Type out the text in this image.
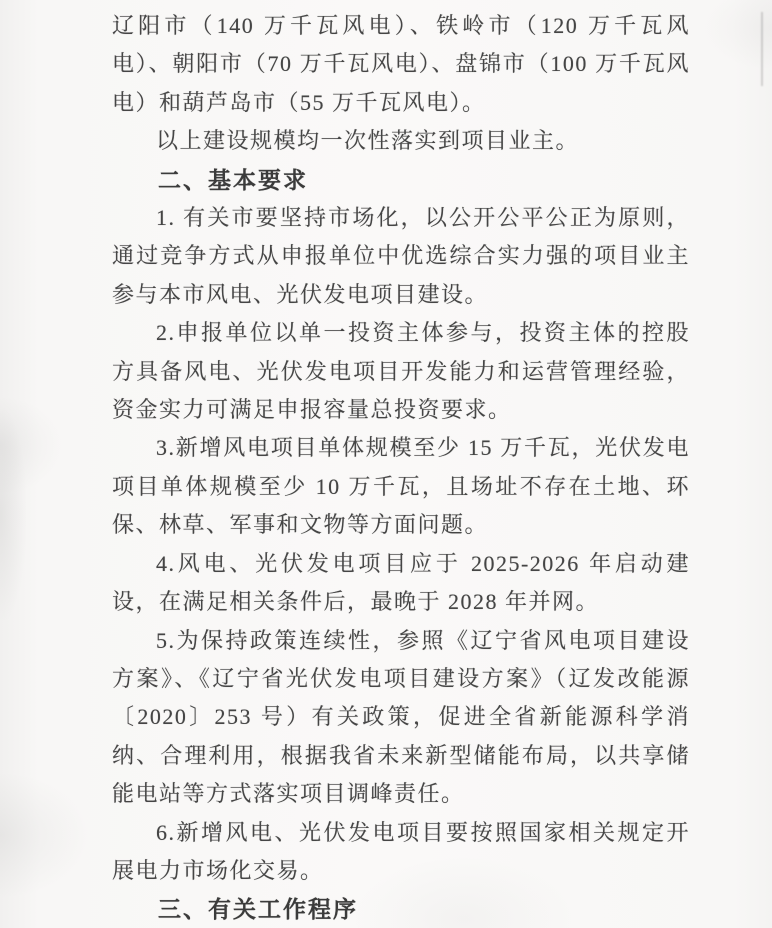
辽阳市（140 万千瓦风电）、铁岭市（120 万千瓦风电）、朝阳市（70 万千瓦风电）、盘锦市（100 万千瓦风电）和葫芦岛市（55 万千瓦风电）。

以上建设规模均一次性落实到项目业主。

二、基本要求

1. 有关市要坚持市场化，以公开公平公正为原则，通过竞争方式从申报单位中优选综合实力强的项目业主参与本市风电、光伏发电项目建设。

2.申报单位以单一投资主体参与，投资主体的控股方具备风电、光伏发电项目开发能力和运营管理经验，资金实力可满足申报容量总投资要求。

3.新增风电项目单体规模至少 15 万千瓦，光伏发电项目单体规模至少 10 万千瓦，且场址不存在土地、环保、林草、军事和文物等方面问题。

4.风电、光伏发电项目应于 2025-2026 年启动建设，在满足相关条件后，最晚于 2028 年并网。

5.为保持政策连续性，参照《辽宁省风电项目建设方案》、《辽宁省光伏发电项目建设方案》（辽发改能源〔2020〕253 号）有关政策，促进全省新能源科学消纳、合理利用，根据我省未来新型储能布局，以共享储能电站等方式落实项目调峰责任。

6.新增风电、光伏发电项目要按照国家相关规定开展电力市场化交易。

三、有关工作程序
